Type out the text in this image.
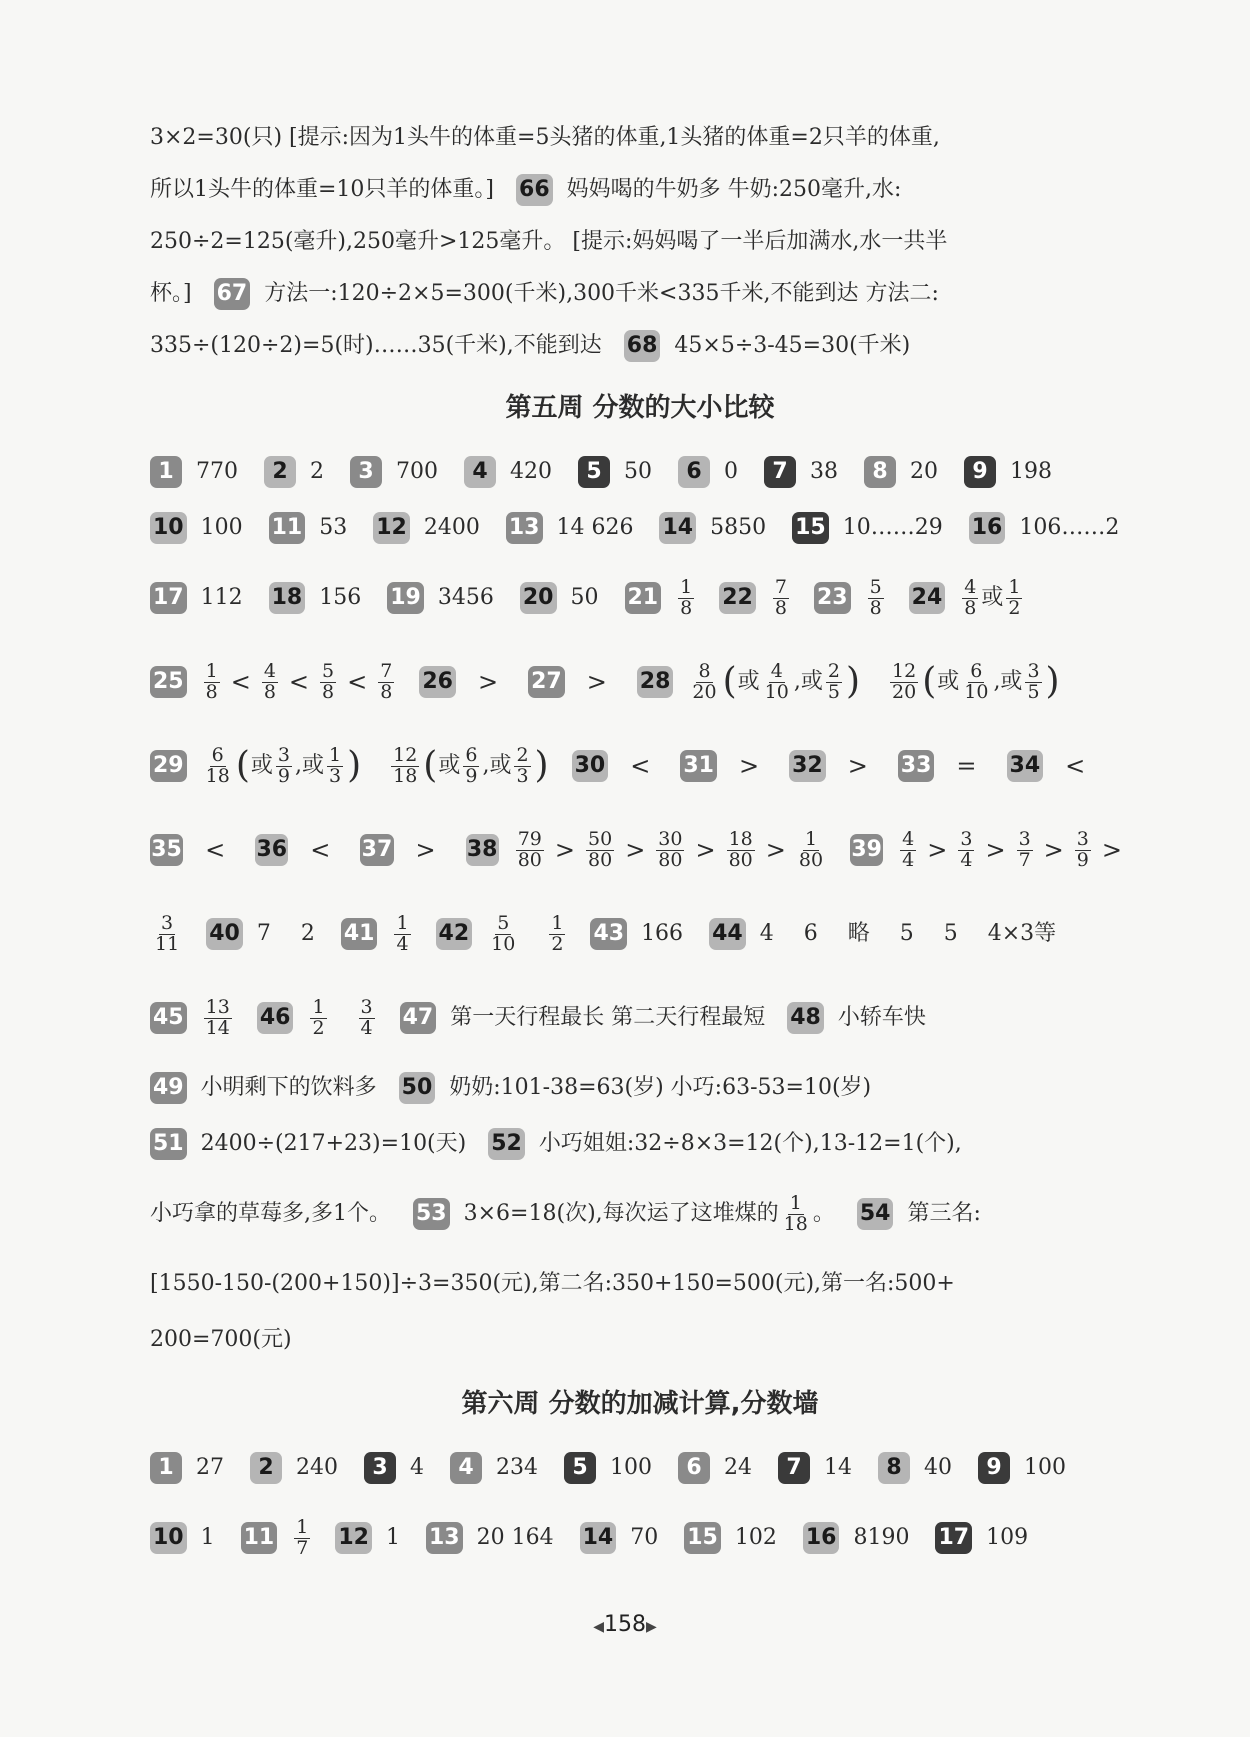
3×2=30(只) [提示:因为1头牛的体重=5头猪的体重,1头猪的体重=2只羊的体重,
所以1头牛的体重=10只羊的体重。] 66 妈妈喝的牛奶多 牛奶:250毫升,水:
250÷2=125(毫升),250毫升>125毫升。 [提示:妈妈喝了一半后加满水,水一共半
杯。] 67 方法一:120÷2×5=300(千米),300千米<335千米,不能到达 方法二:
335÷(120÷2)=5(时)……35(千米),不能到达 68 45×5÷3-45=30(千米)
第五周 分数的大小比较
1	770	2	2	3	700	4	420	5	50	6	0	7	38	8	20	9	198
10 100 11 53 12 2400 13 14 626 14 5850 15 10……29 16 106……2
17 112 18 156 19 3456 20 50 $21 \frac{1}{8} 22 \frac{7}{8} 23 \frac{5}{8} 24 \frac{4}{8}$ 或 $\frac{1}{2}$
$25 \frac{1}{8} < \frac{4}{8} < \frac{5}{8} < \frac{7}{8} 26 > 27 > 28 \frac{8}{20}$ ( 或 $\frac{4}{10}$ ,或 $\frac{2}{5}$ ) $\frac{12}{20}$ ( 或 $\frac{6}{10}$ ,或 $\frac{3}{5}$ )
$29 \frac{6}{18}$ ( 或 $\frac{3}{9}$ ,或 $\frac{1}{3}$ ) $\frac{12}{18}$ ( 或 $\frac{6}{9}$ ,或 $\frac{2}{3}$ ) 30 < 31 > 32 > 33 = 34 <
$35 < 36 < 37 > 38 \frac{79}{80} > \frac{50}{80} > \frac{30}{80} > \frac{18}{80} > \frac{1}{80} 39 \frac{4}{4} > \frac{3}{4} > \frac{3}{7} > \frac{3}{9}$ >
$\frac{3}{11} 40$ 7 2 $41 \frac{1}{4} 42 \frac{5}{10} \frac{1}{2} 43$ 166 44 4 6 略 5 5 4×3等
$45 \frac{13}{14} 46 \frac{1}{2} \frac{3}{4} 47$ 第一天行程最长 第二天行程最短 48 小轿车快
49 小明剩下的饮料多 50 奶奶:101-38=63(岁) 小巧:63-53=10(岁)
51 2400÷(217+23)=10(天) 52 小巧姐姐:32÷8×3=12(个),13-12=1(个),
小巧拿的草莓多,多1个。 53 3×6=18(次),每次运了这堆煤的 $\frac{1}{18}$ 。 54 第三名:
[1550-150-(200+150)]÷3=350(元),第二名:350+150=500(元),第一名:500+
200=700(元)
第六周 分数的加减计算,分数墙
1	27	2	240	3	4	4	234	5	100	6	24	7	14	8	40	9	100
10 1 $11 \frac{1}{7} 12$ 1 13 20 164 14 70 15 102 16 8190 17 109
◀158▶
